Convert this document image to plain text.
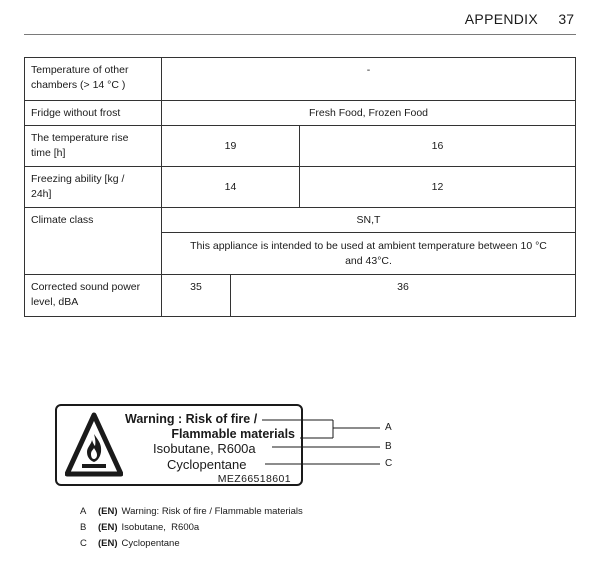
APPENDIX 37
Temperature of other
chambers (> 14 °C )	-		
Fridge without frost	Fresh Food, Frozen Food		
The temperature rise
time [h]	19		16
Freezing ability [kg /
24h]	14		12
Climate class	SN,T		
	This appliance is intended to be used at ambient temperature between 10 °C and 43°C.		
Corrected sound power
level, dBA	35	36	
Warning : Risk of fire /
Flammable materials
Isobutane, R600a
Cyclopentane
MEZ66518601
A
B
C
A (EN) Warning: Risk of fire / Flammable materials
B (EN) Isobutane,  R600a
C (EN) Cyclopentane
